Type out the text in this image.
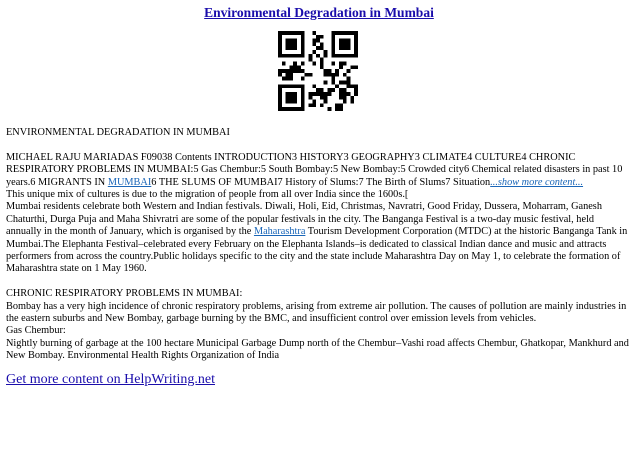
Environmental Degradation in Mumbai

ENVIRONMENTAL DEGRADATION IN MUMBAI

MICHAEL RAJU MARIADAS F09038 Contents INTRODUCTION3 HISTORY3 GEOGRAPHY3 CLIMATE4 CULTURE4 CHRONIC RESPIRATORY PROBLEMS IN MUMBAI:5 Gas Chembur:5 South Bombay:5 New Bombay:5 Crowded city6 Chemical related disasters in past 10 years.6 MIGRANTS IN MUMBAI6 THE SLUMS OF MUMBAI7 History of Slums:7 The Birth of Slums7 Situation...show more content...

This unique mix of cultures is due to the migration of people from all over India since the 1600s.[

Mumbai residents celebrate both Western and Indian festivals. Diwali, Holi, Eid, Christmas, Navratri, Good Friday, Dussera, Moharram, Ganesh Chaturthi, Durga Puja and Maha Shivratri are some of the popular festivals in the city. The Banganga Festival is a two-day music festival, held annually in the month of January, which is organised by the Maharashtra Tourism Development Corporation (MTDC) at the historic Banganga Tank in Mumbai.The Elephanta Festival–celebrated every February on the Elephanta Islands–is dedicated to classical Indian dance and music and attracts performers from across the country.Public holidays specific to the city and the state include Maharashtra Day on May 1, to celebrate the formation of Maharashtra state on 1 May 1960.

CHRONIC RESPIRATORY PROBLEMS IN MUMBAI:

Bombay has a very high incidence of chronic respiratory problems, arising from extreme air pollution. The causes of pollution are mainly industries in the eastern suburbs and New Bombay, garbage burning by the BMC, and insufficient control over emission levels from vehicles.

Gas Chembur:

Nightly burning of garbage at the 100 hectare Municipal Garbage Dump north of the Chembur–Vashi road affects Chembur, Ghatkopar, Mankhurd and New Bombay. Environmental Health Rights Organization of India

Get more content on HelpWriting.net
